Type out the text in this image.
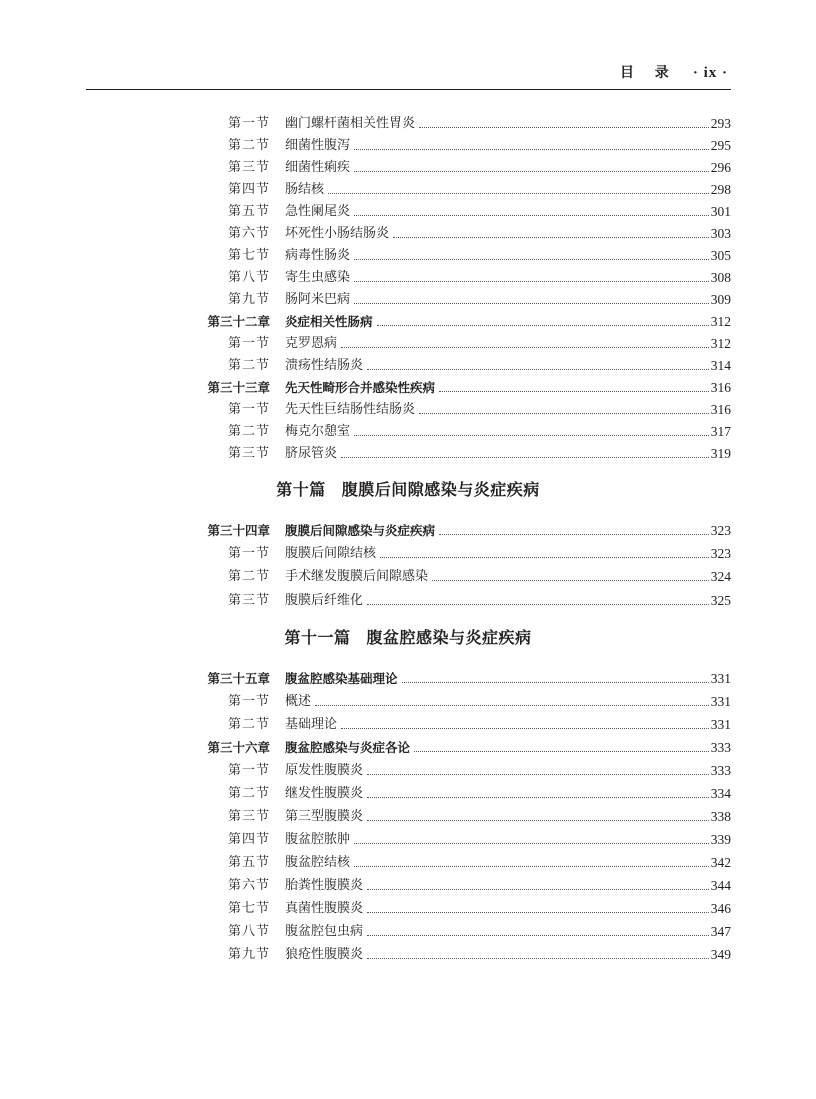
目 录 · ix ·
第一节 幽门螺杆菌相关性胃炎	293
第二节 细菌性腹泻	295
第三节 细菌性痢疾	296
第四节 肠结核	298
第五节 急性阑尾炎	301
第六节 坏死性小肠结肠炎	303
第七节 病毒性肠炎	305
第八节 寄生虫感染	308
第九节 肠阿米巴病	309
第三十二章 炎症相关性肠病	312
第一节 克罗恩病	312
第二节 溃疡性结肠炎	314
第三十三章 先天性畸形合并感染性疾病	316
第一节 先天性巨结肠性结肠炎	316
第二节 梅克尔憩室	317
第三节 脐尿管炎	319
第十篇 腹膜后间隙感染与炎症疾病
第三十四章 腹膜后间隙感染与炎症疾病	323
第一节 腹膜后间隙结核	323
第二节 手术继发腹膜后间隙感染	324
第三节 腹膜后纤维化	325
第十一篇 腹盆腔感染与炎症疾病
第三十五章 腹盆腔感染基础理论	331
第一节 概述	331
第二节 基础理论	331
第三十六章 腹盆腔感染与炎症各论	333
第一节 原发性腹膜炎	333
第二节 继发性腹膜炎	334
第三节 第三型腹膜炎	338
第四节 腹盆腔脓肿	339
第五节 腹盆腔结核	342
第六节 胎粪性腹膜炎	344
第七节 真菌性腹膜炎	346
第八节 腹盆腔包虫病	347
第九节 狼疮性腹膜炎	349
